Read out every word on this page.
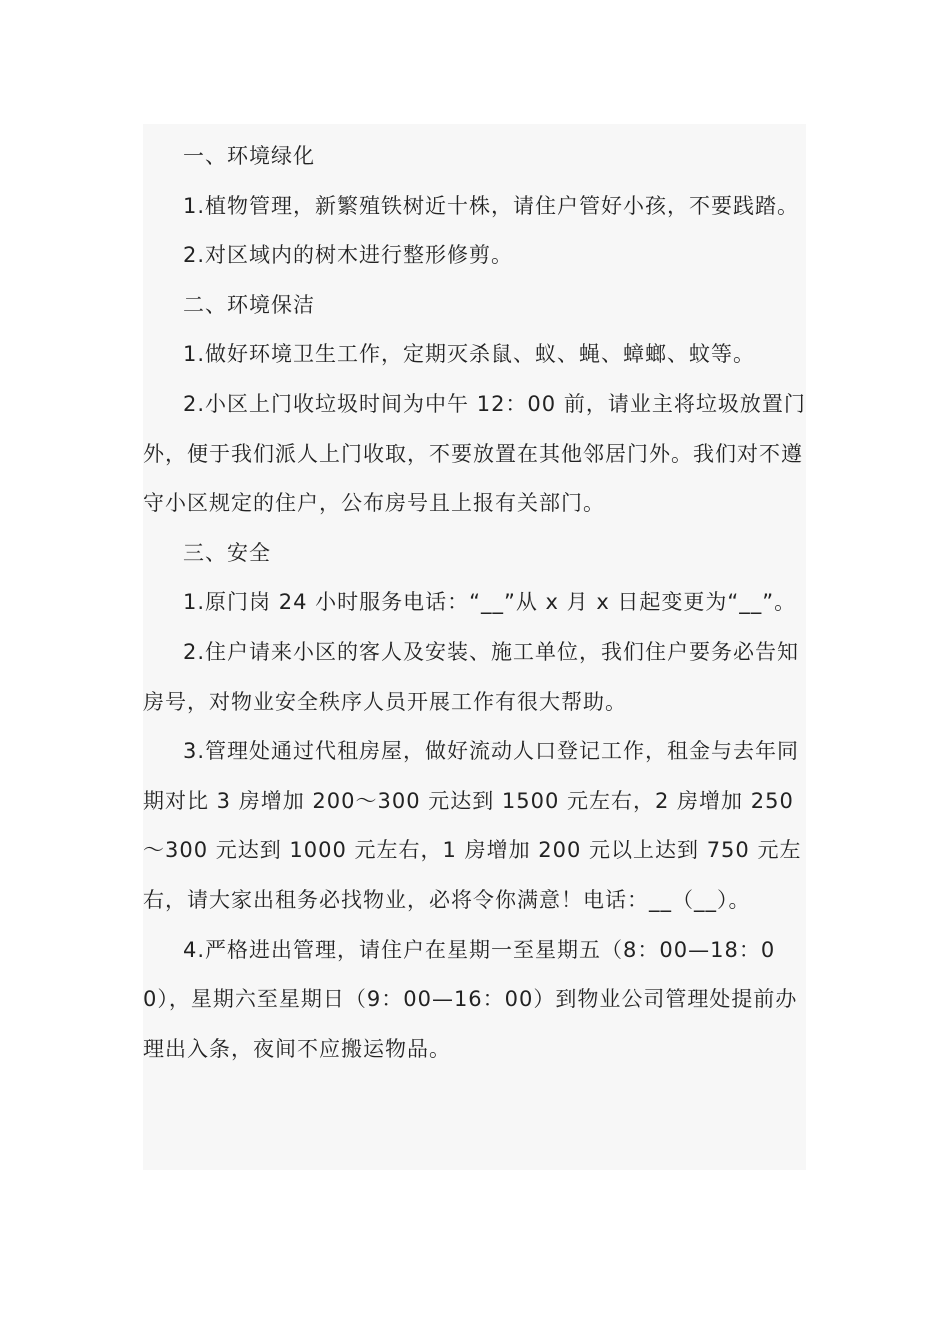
一、环境绿化

1.植物管理，新繁殖铁树近十株，请住户管好小孩，不要践踏。

2.对区域内的树木进行整形修剪。

二、环境保洁

1.做好环境卫生工作，定期灭杀鼠、蚁、蝇、蟑螂、蚊等。

2.小区上门收垃圾时间为中午 12：00 前，请业主将垃圾放置门外，便于我们派人上门收取，不要放置在其他邻居门外。我们对不遵守小区规定的住户，公布房号且上报有关部门。

三、安全

1.原门岗 24 小时服务电话：“__”从 x 月 x 日起变更为“__”。

2.住户请来小区的客人及安装、施工单位，我们住户要务必告知房号，对物业安全秩序人员开展工作有很大帮助。

3.管理处通过代租房屋，做好流动人口登记工作，租金与去年同期对比 3 房增加 200～300 元达到 1500 元左右，2 房增加 250～300 元达到 1000 元左右，1 房增加 200 元以上达到 750 元左右，请大家出租务必找物业，必将令你满意！电话：__（__）。

4.严格进出管理，请住户在星期一至星期五（8：00—18：00），星期六至星期日（9：00—16：00）到物业公司管理处提前办理出入条，夜间不应搬运物品。
